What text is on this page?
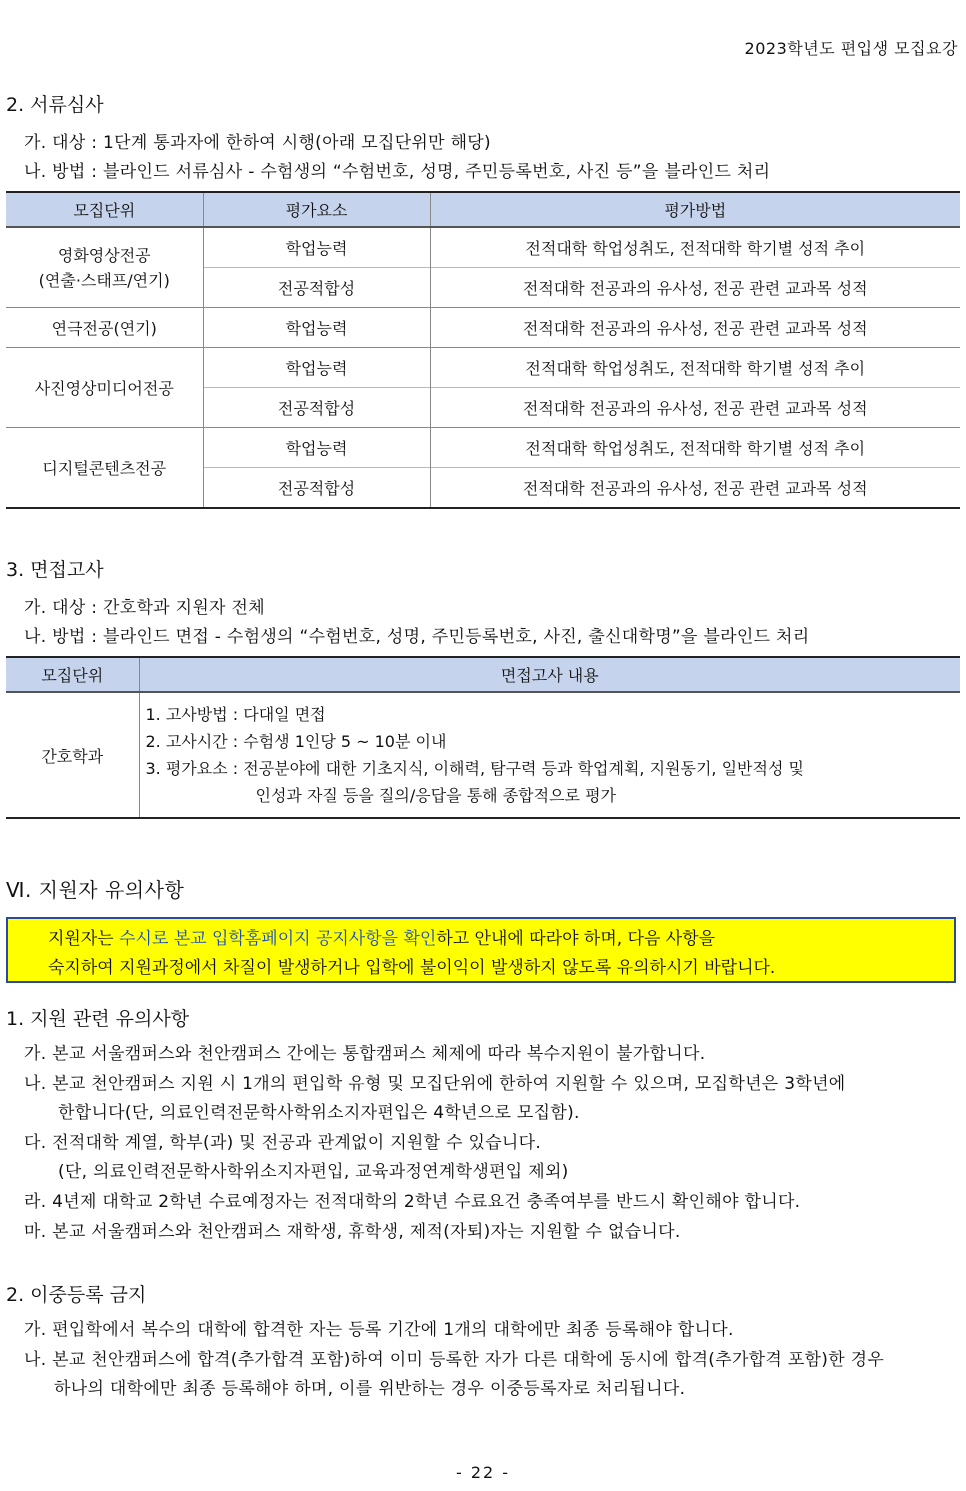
2023학년도 편입생 모집요강
2. 서류심사
가. 대상 : 1단계 통과자에 한하여 시행(아래 모집단위만 해당)
나. 방법 : 블라인드 서류심사 - 수험생의 “수험번호, 성명, 주민등록번호, 사진 등”을 블라인드 처리
모집단위	평가요소	평가방법
영화영상전공
(연출·스태프/연기)	학업능력	전적대학 학업성취도, 전적대학 학기별 성적 추이
	전공적합성	전적대학 전공과의 유사성, 전공 관련 교과목 성적
연극전공(연기)	학업능력	전적대학 전공과의 유사성, 전공 관련 교과목 성적
사진영상미디어전공	학업능력	전적대학 학업성취도, 전적대학 학기별 성적 추이
	전공적합성	전적대학 전공과의 유사성, 전공 관련 교과목 성적
디지털콘텐츠전공	학업능력	전적대학 학업성취도, 전적대학 학기별 성적 추이
	전공적합성	전적대학 전공과의 유사성, 전공 관련 교과목 성적
3. 면접고사
가. 대상 : 간호학과 지원자 전체
나. 방법 : 블라인드 면접 - 수험생의 “수험번호, 성명, 주민등록번호, 사진, 출신대학명”을 블라인드 처리
모집단위	면접고사 내용
간호학과	1. 고사방법 : 다대일 면접
2. 고사시간 : 수험생 1인당 5 ~ 10분 이내
3. 평가요소 : 전공분야에 대한 기초지식, 이해력, 탐구력 등과 학업계획, 지원동기, 일반적성 및
인성과 자질 등을 질의/응답을 통해 종합적으로 평가
Ⅵ. 지원자 유의사항
지원자는 수시로 본교 입학홈페이지 공지사항을 확인하고 안내에 따라야 하며, 다음 사항을
숙지하여 지원과정에서 차질이 발생하거나 입학에 불이익이 발생하지 않도록 유의하시기 바랍니다.
1. 지원 관련 유의사항
가. 본교 서울캠퍼스와 천안캠퍼스 간에는 통합캠퍼스 체제에 따라 복수지원이 불가합니다.
나. 본교 천안캠퍼스 지원 시 1개의 편입학 유형 및 모집단위에 한하여 지원할 수 있으며, 모집학년은 3학년에
한합니다(단, 의료인력전문학사학위소지자편입은 4학년으로 모집함).
다. 전적대학 계열, 학부(과) 및 전공과 관계없이 지원할 수 있습니다.
(단, 의료인력전문학사학위소지자편입, 교육과정연계학생편입 제외)
라. 4년제 대학교 2학년 수료예정자는 전적대학의 2학년 수료요건 충족여부를 반드시 확인해야 합니다.
마. 본교 서울캠퍼스와 천안캠퍼스 재학생, 휴학생, 제적(자퇴)자는 지원할 수 없습니다.
2. 이중등록 금지
가. 편입학에서 복수의 대학에 합격한 자는 등록 기간에 1개의 대학에만 최종 등록해야 합니다.
나. 본교 천안캠퍼스에 합격(추가합격 포함)하여 이미 등록한 자가 다른 대학에 동시에 합격(추가합격 포함)한 경우
하나의 대학에만 최종 등록해야 하며, 이를 위반하는 경우 이중등록자로 처리됩니다.
- 22 -
